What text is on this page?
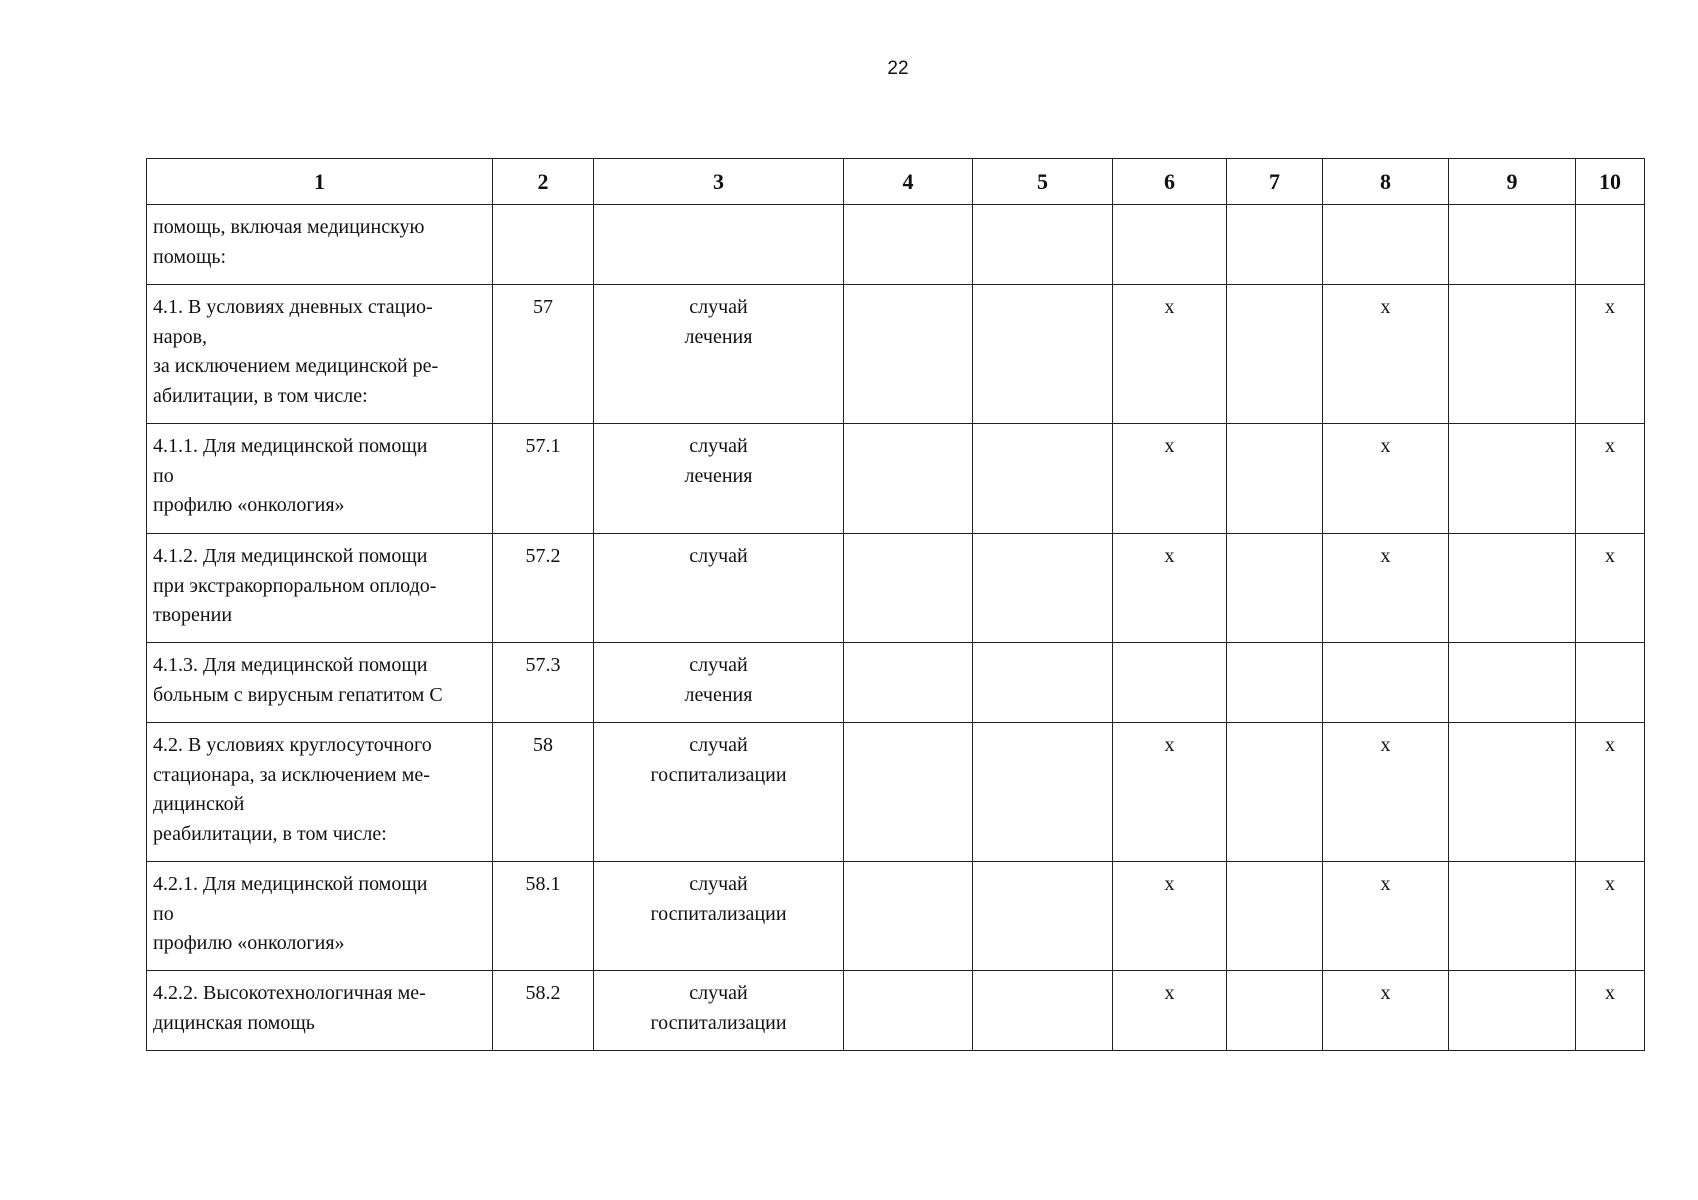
22
1	2	3	4	5	6	7	8	9	10
помощь, включая медицинскую
помощь:									
4.1. В условиях дневных стацио-
наров,
за исключением медицинской ре-
абилитации, в том числе:	57	случай
лечения			х		х		х
4.1.1. Для медицинской помощи
по
профилю «онкология»	57.1	случай
лечения			х		х		х
4.1.2. Для медицинской помощи
при экстракорпоральном оплодо-
творении	57.2	случай			х		х		х
4.1.3. Для медицинской помощи
больным с вирусным гепатитом С	57.3	случай
лечения							
4.2. В условиях круглосуточного
стационара, за исключением ме-
дицинской
реабилитации, в том числе:	58	случай
госпитализации			х		х		х
4.2.1. Для медицинской помощи
по
профилю «онкология»	58.1	случай
госпитализации			х		х		х
4.2.2. Высокотехнологичная ме-
дицинская помощь	58.2	случай
госпитализации			х		х		х
